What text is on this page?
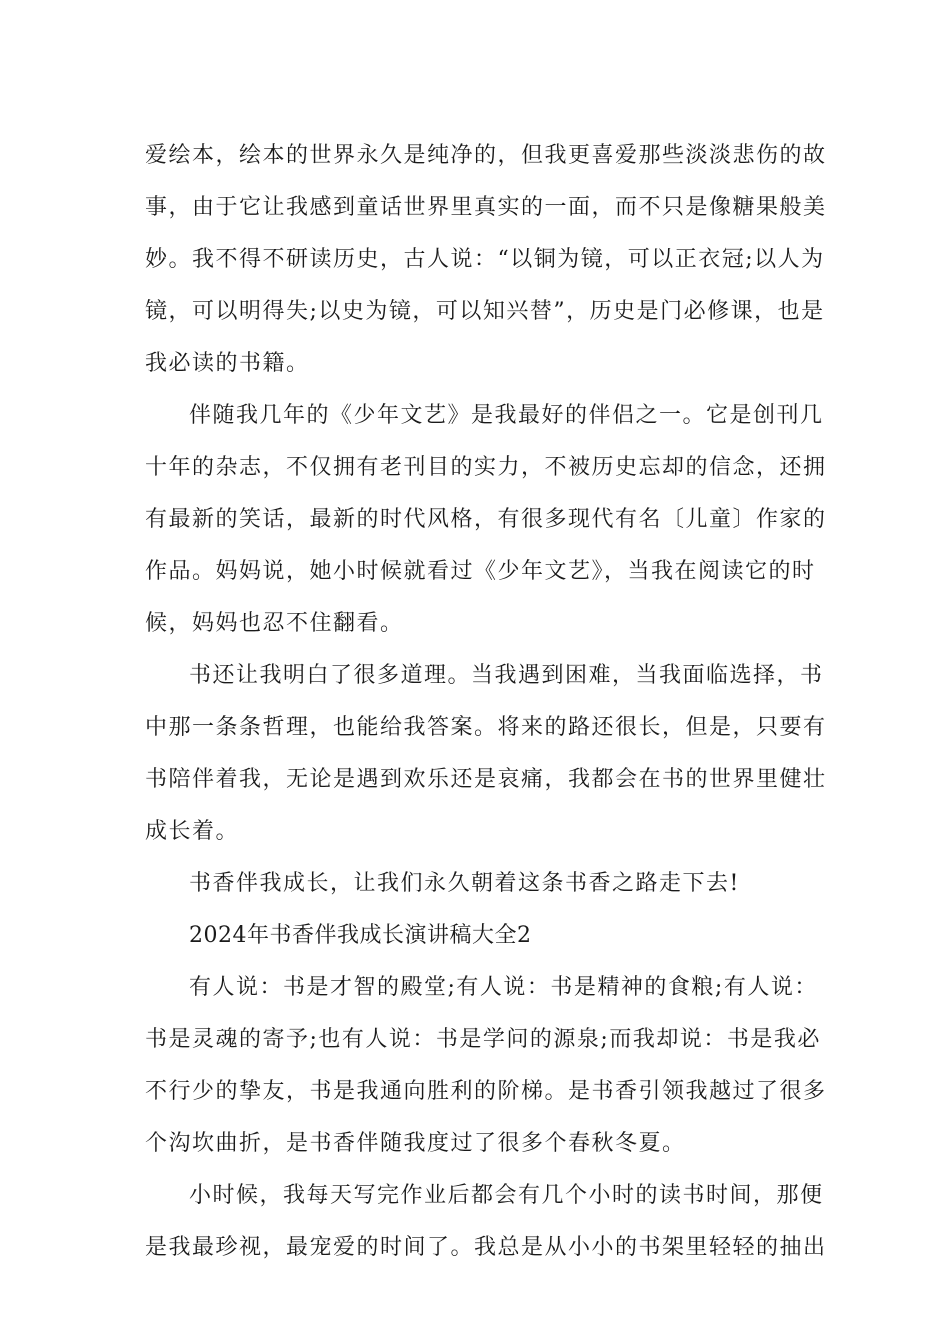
爱绘本，绘本的世界永久是纯净的，但我更喜爱那些淡淡悲伤的故
事，由于它让我感到童话世界里真实的一面，而不只是像糖果般美
妙。我不得不研读历史，古人说：“以铜为镜，可以正衣冠;以人为
镜，可以明得失;以史为镜，可以知兴替”，历史是门必修课，也是
我必读的书籍。
伴随我几年的《少年文艺》是我最好的伴侣之一。它是创刊几
十年的杂志，不仅拥有老刊目的实力，不被历史忘却的信念，还拥
有最新的笑话，最新的时代风格，有很多现代有名〔儿童〕作家的
作品。妈妈说，她小时候就看过《少年文艺》，当我在阅读它的时
候，妈妈也忍不住翻看。
书还让我明白了很多道理。当我遇到困难，当我面临选择，书
中那一条条哲理，也能给我答案。将来的路还很长，但是，只要有
书陪伴着我，无论是遇到欢乐还是哀痛，我都会在书的世界里健壮
成长着。
书香伴我成长，让我们永久朝着这条书香之路走下去!
2024年书香伴我成长演讲稿大全2
有人说：书是才智的殿堂;有人说：书是精神的食粮;有人说：
书是灵魂的寄予;也有人说：书是学问的源泉;而我却说：书是我必
不行少的挚友，书是我通向胜利的阶梯。是书香引领我越过了很多
个沟坎曲折，是书香伴随我度过了很多个春秋冬夏。
小时候，我每天写完作业后都会有几个小时的读书时间，那便
是我最珍视，最宠爱的时间了。我总是从小小的书架里轻轻的抽出
